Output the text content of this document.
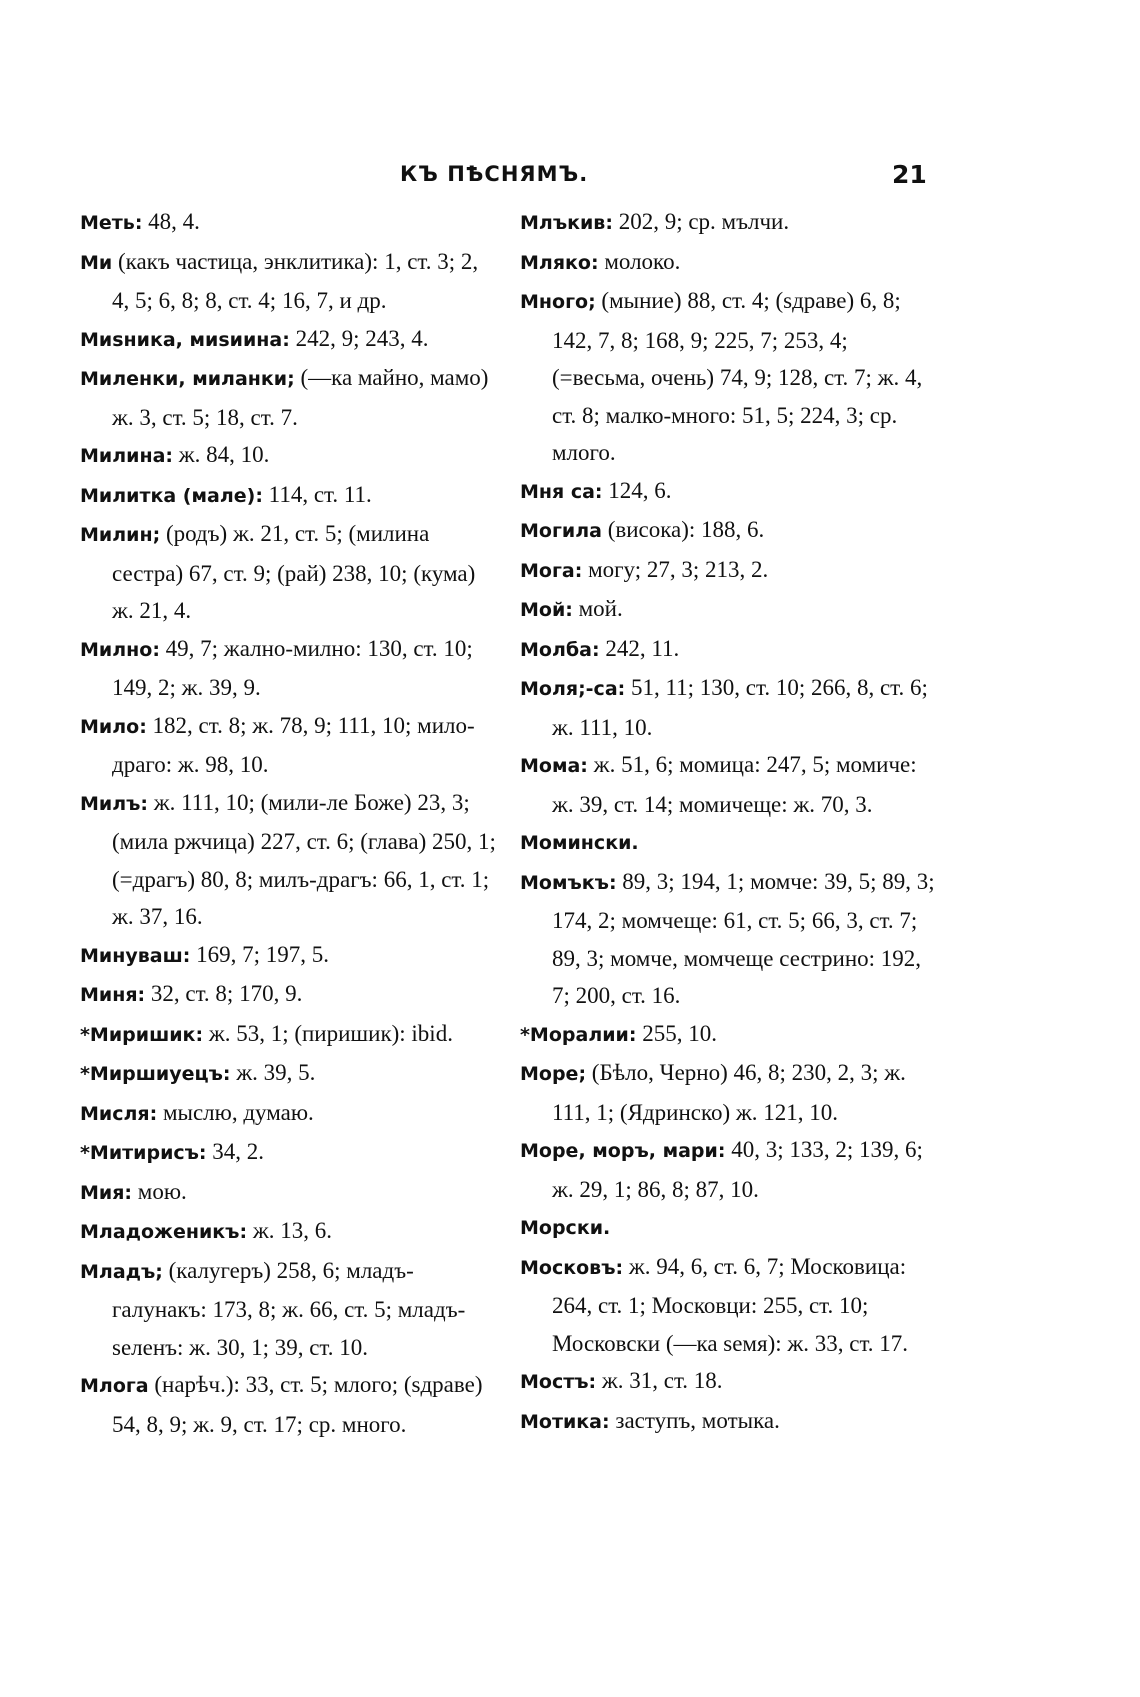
КЪ ПѢСНЯМЪ.	21

Меть: 48, 4.

Ми (какъ частица, энклитика): 1, ст. 3; 2, 4, 5; 6, 8; 8, ст. 4; 16, 7, и др.

Миѕника, миѕиина: 242, 9; 243, 4.

Миленки, миланки; (—ка майно, мамо) ж. 3, ст. 5; 18, ст. 7.

Милина: ж. 84, 10.

Милитка (мале): 114, ст. 11.

Милин; (родъ) ж. 21, ст. 5; (милина сестра) 67, ст. 9; (рай) 238, 10; (кума) ж. 21, 4.

Милно: 49, 7; жално-милно: 130, ст. 10; 149, 2; ж. 39, 9.

Мило: 182, ст. 8; ж. 78, 9; 111, 10; мило-драго: ж. 98, 10.

Милъ: ж. 111, 10; (мили-ле Боже) 23, 3; (мила ржчица) 227, ст. 6; (глава) 250, 1; (=драгъ) 80, 8; милъ-драгъ: 66, 1, ст. 1; ж. 37, 16.

Минуваш: 169, 7; 197, 5.

Миня: 32, ст. 8; 170, 9.

*Миришик: ж. 53, 1; (пиришик): ibid.

*Миршиуецъ: ж. 39, 5.

Мисля: мыслю, думаю.

*Митирисъ: 34, 2.

Мия: мою.

Младоженикъ: ж. 13, 6.

Младъ; (калугеръ) 258, 6; младъ-галунакъ: 173, 8; ж. 66, ст. 5; младъ-ѕеленъ: ж. 30, 1; 39, ст. 10.

Млога (нарѣч.): 33, ст. 5; млого; (ѕдраве) 54, 8, 9; ж. 9, ст. 17; ср. много.

Млъкив: 202, 9; ср. мълчи.

Мляко: молоко.

Много; (мыние) 88, ст. 4; (ѕдраве) 6, 8; 142, 7, 8; 168, 9; 225, 7; 253, 4; (=весьма, очень) 74, 9; 128, ст. 7; ж. 4, ст. 8; малко-много: 51, 5; 224, 3; ср. млого.

Мня са: 124, 6.

Могила (висока): 188, 6.

Мога: могу; 27, 3; 213, 2.

Мой: мой.

Молба: 242, 11.

Моля;-са: 51, 11; 130, ст. 10; 266, 8, ст. 6; ж. 111, 10.

Мома: ж. 51, 6; момица: 247, 5; момиче: ж. 39, ст. 14; момичеще: ж. 70, 3.

Момински.

Момъкъ: 89, 3; 194, 1; момче: 39, 5; 89, 3; 174, 2; момчеще: 61, ст. 5; 66, 3, ст. 7; 89, 3; момче, момчеще сестрино: 192, 7; 200, ст. 16.

*Моралии: 255, 10.

Море; (Бѣло, Черно) 46, 8; 230, 2, 3; ж. 111, 1; (Ядринско) ж. 121, 10.

Море, моръ, мари: 40, 3; 133, 2; 139, 6; ж. 29, 1; 86, 8; 87, 10.

Морски.

Московъ: ж. 94, 6, ст. 6, 7; Московица: 264, ст. 1; Московци: 255, ст. 10; Московски (—ка ѕемя): ж. 33, ст. 17.

Мостъ: ж. 31, ст. 18.

Мотика: заступъ, мотыка.
